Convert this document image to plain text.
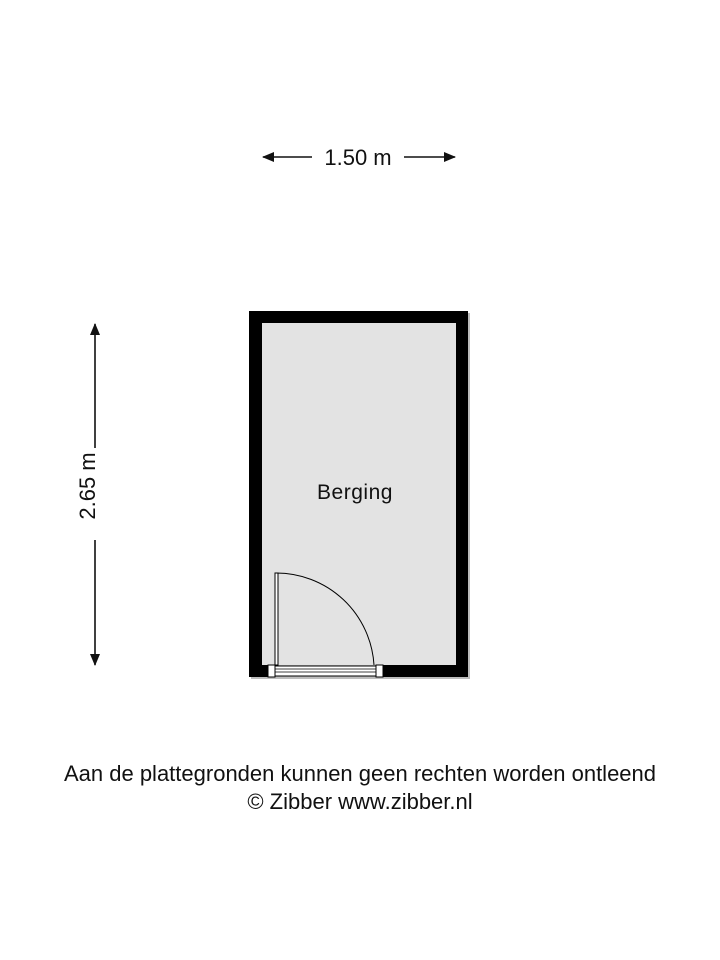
1.50 m
2.65 m	Berging
Aan de plattegronden kunnen geen rechten worden ontleend
© Zibber www.zibber.nl
